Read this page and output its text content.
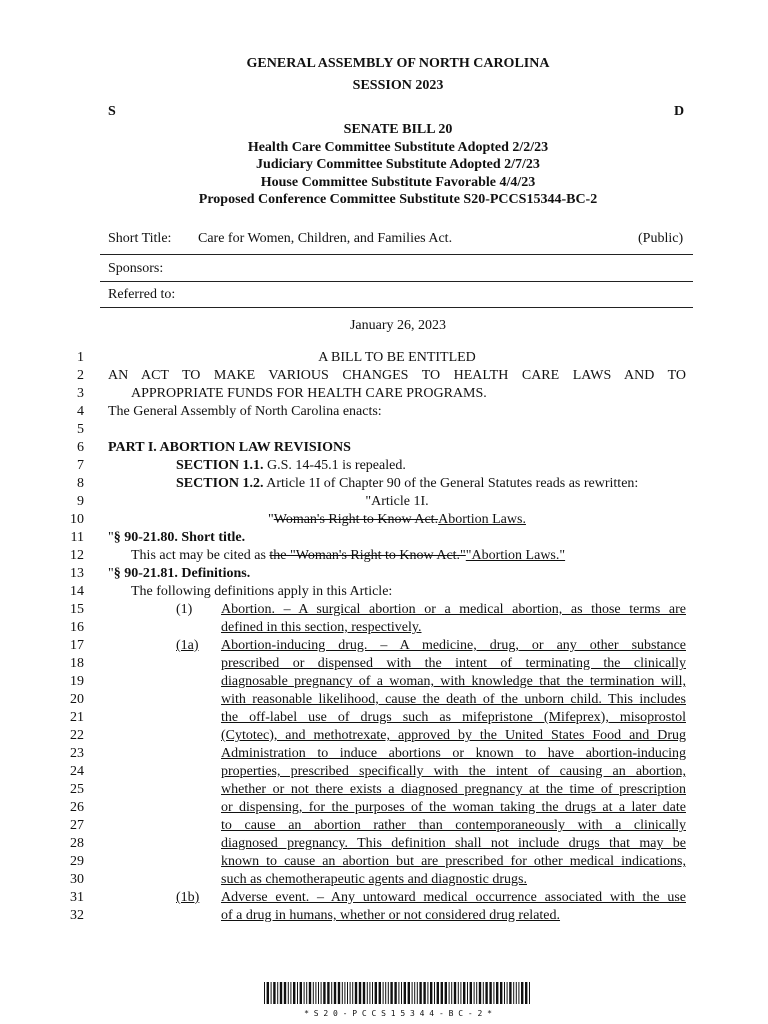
GENERAL ASSEMBLY OF NORTH CAROLINA
SESSION 2023
S	D
SENATE BILL 20
Health Care Committee Substitute Adopted 2/2/23
Judiciary Committee Substitute Adopted 2/7/23
House Committee Substitute Favorable 4/4/23
Proposed Conference Committee Substitute S20-PCCS15344-BC-2
Short Title: Care for Women, Children, and Families Act.	(Public)
Sponsors:
Referred to:
January 26, 2023
1
2
3
4
5
6
7
8
9
10
11
12
13
14
15
16
17
18
19
20
21
22
23
24
25
26
27
28
29
30
31
32
A BILL TO BE ENTITLED
AN ACT TO MAKE VARIOUS CHANGES TO HEALTH CARE LAWS AND TO
APPROPRIATE FUNDS FOR HEALTH CARE PROGRAMS.
The General Assembly of North Carolina enacts:
PART I. ABORTION LAW REVISIONS
SECTION 1.1. G.S. 14-45.1 is repealed.
SECTION 1.2. Article 1I of Chapter 90 of the General Statutes reads as rewritten:
"Article 1I.
"Woman's Right to Know Act.Abortion Laws.
"§ 90-21.80. Short title.
This act may be cited as the "Woman's Right to Know Act.""Abortion Laws."
"§ 90-21.81. Definitions.
The following definitions apply in this Article:
(1) Abortion. – A surgical abortion or a medical abortion, as those terms are
defined in this section, respectively.
(1a) Abortion-inducing drug. – A medicine, drug, or any other substance
prescribed or dispensed with the intent of terminating the clinically
diagnosable pregnancy of a woman, with knowledge that the termination will,
with reasonable likelihood, cause the death of the unborn child. This includes
the off-label use of drugs such as mifepristone (Mifeprex), misoprostol
(Cytotec), and methotrexate, approved by the United States Food and Drug
Administration to induce abortions or known to have abortion-inducing
properties, prescribed specifically with the intent of causing an abortion,
whether or not there exists a diagnosed pregnancy at the time of prescription
or dispensing, for the purposes of the woman taking the drugs at a later date
to cause an abortion rather than contemporaneously with a clinically
diagnosed pregnancy. This definition shall not include drugs that may be
known to cause an abortion but are prescribed for other medical indications,
such as chemotherapeutic agents and diagnostic drugs.
(1b) Adverse event. – Any untoward medical occurrence associated with the use
of a drug in humans, whether or not considered drug related.
* S 2 0 - P C C S 1 5 3 4 4 - B C - 2 *
